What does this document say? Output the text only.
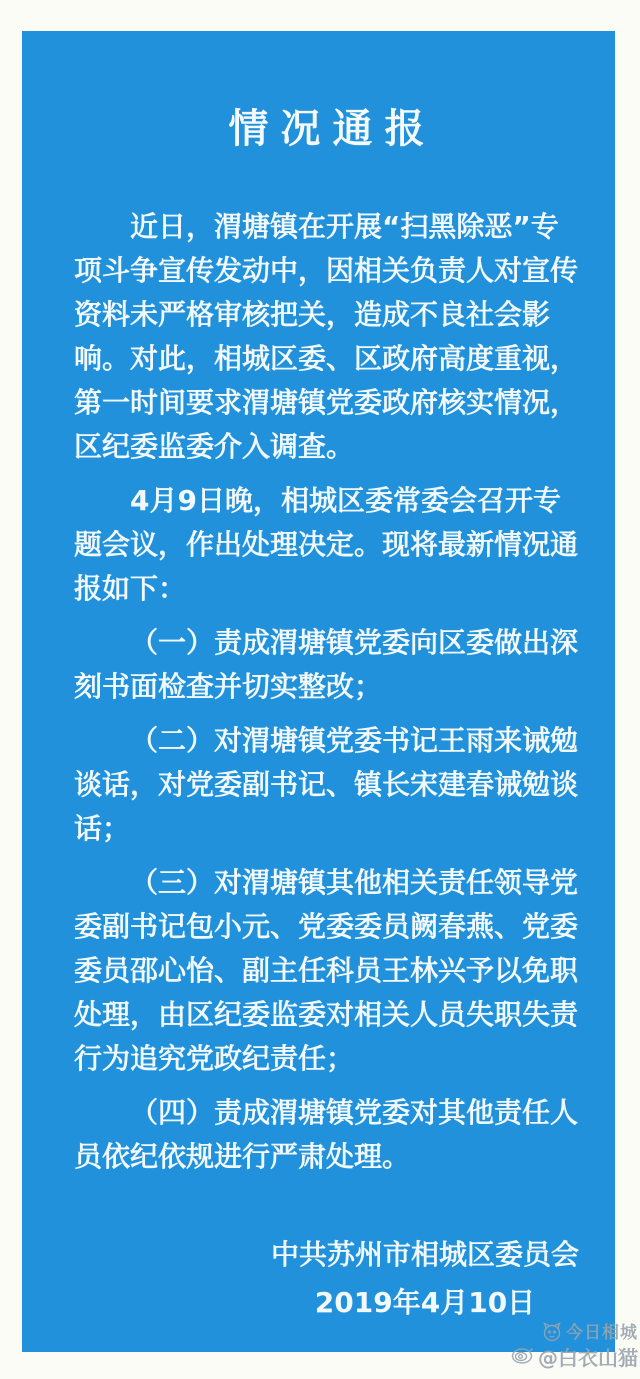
情况通报

近日，渭塘镇在开展“扫黑除恶”专项斗争宣传发动中，因相关负责人对宣传资料未严格审核把关，造成不良社会影响。对此，相城区委、区政府高度重视，第一时间要求渭塘镇党委政府核实情况，区纪委监委介入调查。

4月9日晚，相城区委常委会召开专题会议，作出处理决定。现将最新情况通报如下：

（一）责成渭塘镇党委向区委做出深刻书面检查并切实整改；

（二）对渭塘镇党委书记王雨来诫勉谈话，对党委副书记、镇长宋建春诫勉谈话；

（三）对渭塘镇其他相关责任领导党委副书记包小元、党委委员阙春燕、党委委员邵心怡、副主任科员王林兴予以免职处理，由区纪委监委对相关人员失职失责行为追究党政纪责任；

（四）责成渭塘镇党委对其他责任人员依纪依规进行严肃处理。

中共苏州市相城区委员会
2019年4月10日
今日相城
@白衣山猫
